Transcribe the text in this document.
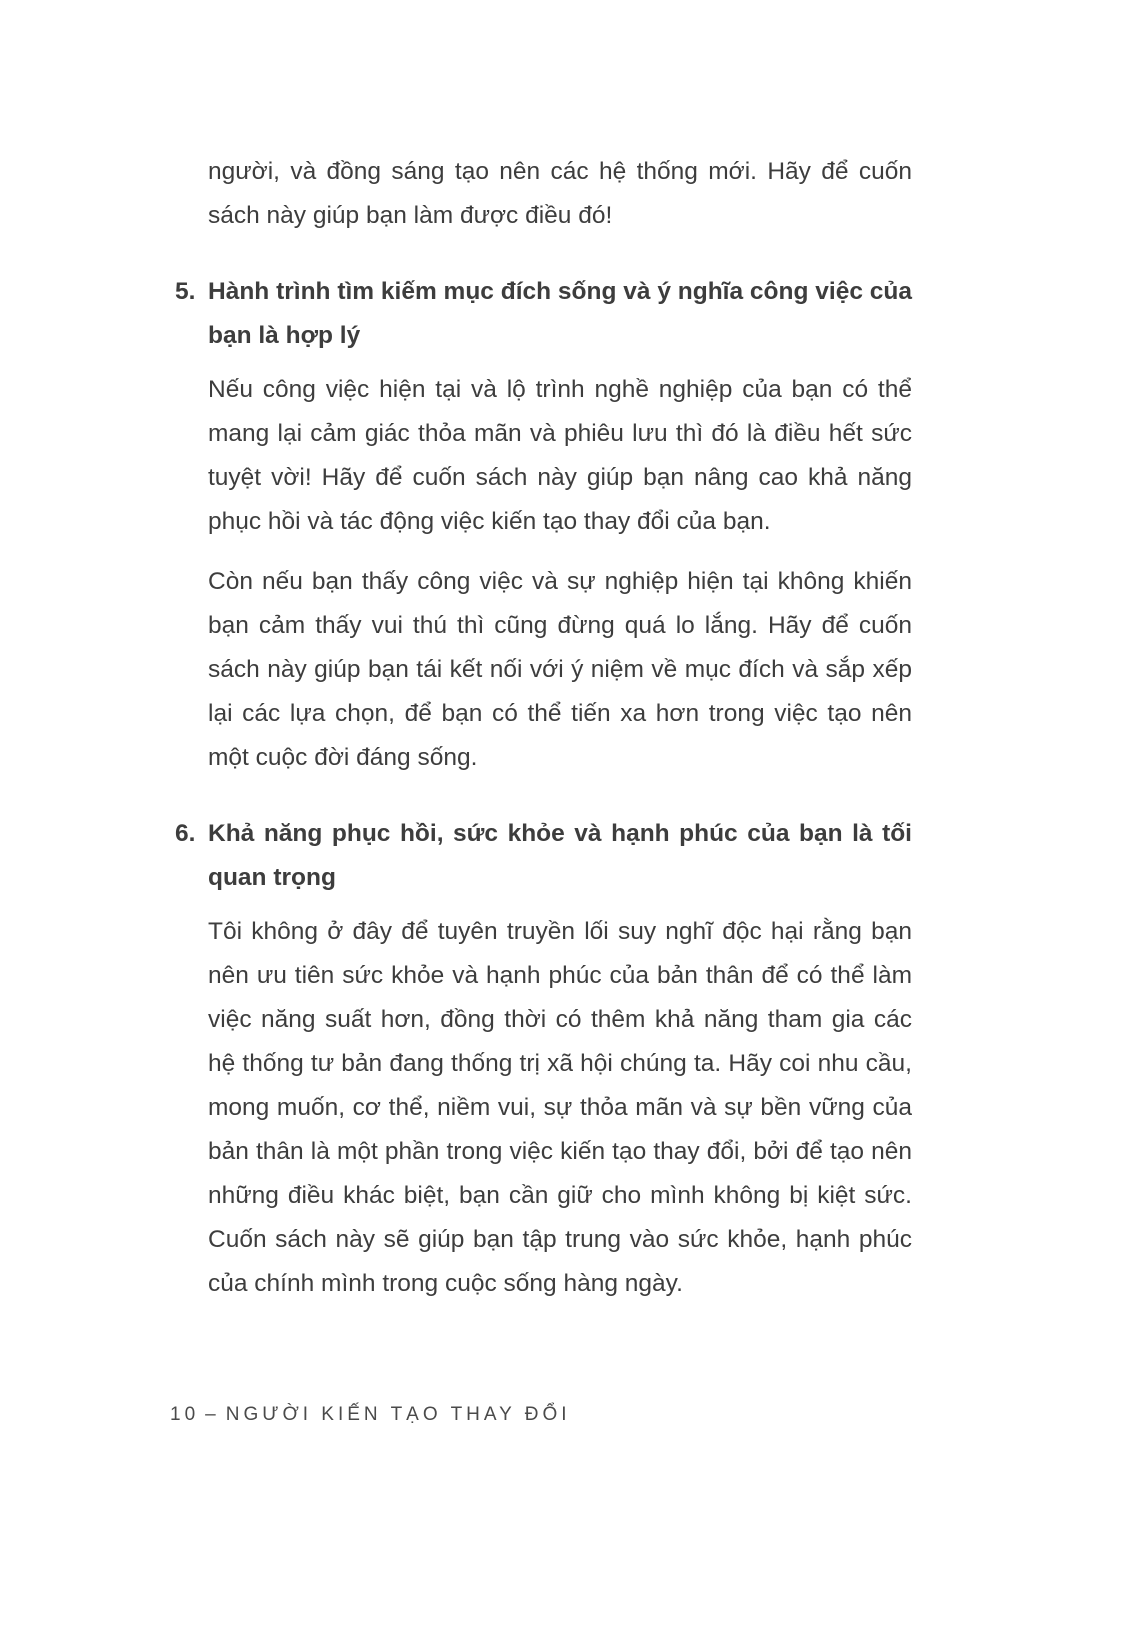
người, và đồng sáng tạo nên các hệ thống mới. Hãy để cuốn sách này giúp bạn làm được điều đó!

5. Hành trình tìm kiếm mục đích sống và ý nghĩa công việc của bạn là hợp lý

Nếu công việc hiện tại và lộ trình nghề nghiệp của bạn có thể mang lại cảm giác thỏa mãn và phiêu lưu thì đó là điều hết sức tuyệt vời! Hãy để cuốn sách này giúp bạn nâng cao khả năng phục hồi và tác động việc kiến tạo thay đổi của bạn.

Còn nếu bạn thấy công việc và sự nghiệp hiện tại không khiến bạn cảm thấy vui thú thì cũng đừng quá lo lắng. Hãy để cuốn sách này giúp bạn tái kết nối với ý niệm về mục đích và sắp xếp lại các lựa chọn, để bạn có thể tiến xa hơn trong việc tạo nên một cuộc đời đáng sống.

6. Khả năng phục hồi, sức khỏe và hạnh phúc của bạn là tối quan trọng

Tôi không ở đây để tuyên truyền lối suy nghĩ độc hại rằng bạn nên ưu tiên sức khỏe và hạnh phúc của bản thân để có thể làm việc năng suất hơn, đồng thời có thêm khả năng tham gia các hệ thống tư bản đang thống trị xã hội chúng ta. Hãy coi nhu cầu, mong muốn, cơ thể, niềm vui, sự thỏa mãn và sự bền vững của bản thân là một phần trong việc kiến tạo thay đổi, bởi để tạo nên những điều khác biệt, bạn cần giữ cho mình không bị kiệt sức. Cuốn sách này sẽ giúp bạn tập trung vào sức khỏe, hạnh phúc của chính mình trong cuộc sống hàng ngày.

10 – NGƯỜI KIẾN TẠO THAY ĐỔI
